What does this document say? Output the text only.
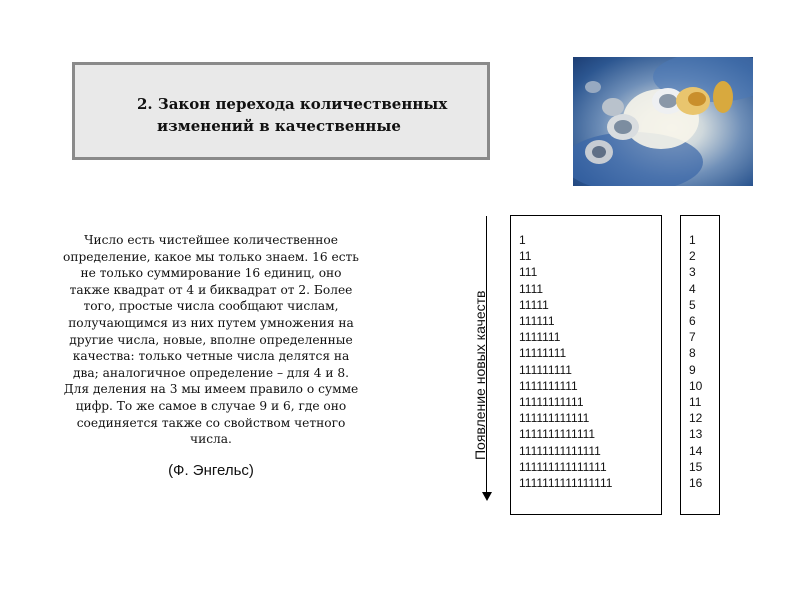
2. Закон перехода количественных
изменений в качественные
Число есть чистейшее количественное
определение, какое мы только знаем. 16 есть
не только суммирование 16 единиц, оно
также квадрат от 4 и биквадрат от 2. Более
того, простые числа сообщают числам,
получающимся из них путем умножения на
другие числа, новые, вполне определенные
качества: только четные числа делятся на
два; аналогичное определение – для 4 и 8.
Для деления на 3 мы имеем правило о сумме
цифр. То же самое в случае 9 и 6, где оно
соединяется также со свойством четного
числа.
(Ф. Энгельс)
Появление новых качеств
1
11
111
1111
11111
111111
1111111
11111111
111111111
1111111111
11111111111
111111111111
1111111111111
11111111111111
111111111111111
1111111111111111
1
2
3
4
5
6
7
8
9
10
11
12
13
14
15
16
